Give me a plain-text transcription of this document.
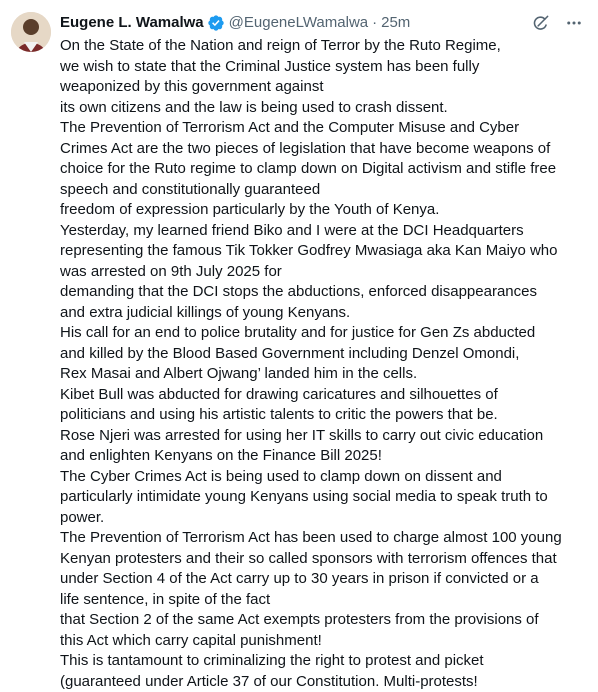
Eugene L. Wamalwa @EugeneLWamalwa · 25m
On the State of the Nation and reign of Terror by the Ruto Regime,
we wish to state that the Criminal Justice system has been fully
weaponized by this government against
its own citizens and the law is being used to crash dissent.
The Prevention of Terrorism Act and the Computer Misuse and Cyber
Crimes Act are the two pieces of legislation that have become weapons of
choice for the Ruto regime to clamp down on Digital activism and stifle free
speech and constitutionally guaranteed
freedom of expression particularly by the Youth of Kenya.
Yesterday, my learned friend Biko and I were at the DCI Headquarters
representing the famous Tik Tokker Godfrey Mwasiaga aka Kan Maiyo who
was arrested on 9th July 2025 for
demanding that the DCI stops the abductions, enforced disappearances
and extra judicial killings of young Kenyans.
His call for an end to police brutality and for justice for Gen Zs abducted
and killed by the Blood Based Government including Denzel Omondi,
Rex Masai and Albert Ojwang’ landed him in the cells.
Kibet Bull was abducted for drawing caricatures and silhouettes of
politicians and using his artistic talents to critic the powers that be.
Rose Njeri was arrested for using her IT skills to carry out civic education
and enlighten Kenyans on the Finance Bill 2025!
The Cyber Crimes Act is being used to clamp down on dissent and
particularly intimidate young Kenyans using social media to speak truth to
power.
The Prevention of Terrorism Act has been used to charge almost 100 young
Kenyan protesters and their so called sponsors with terrorism offences that
under Section 4 of the Act carry up to 30 years in prison if convicted or a
life sentence, in spite of the fact
that Section 2 of the same Act exempts protesters from the provisions of
this Act which carry capital punishment!
This is tantamount to criminalizing the right to protest and picket
(guaranteed under Article 37 of our Constitution. Multi-protests!
